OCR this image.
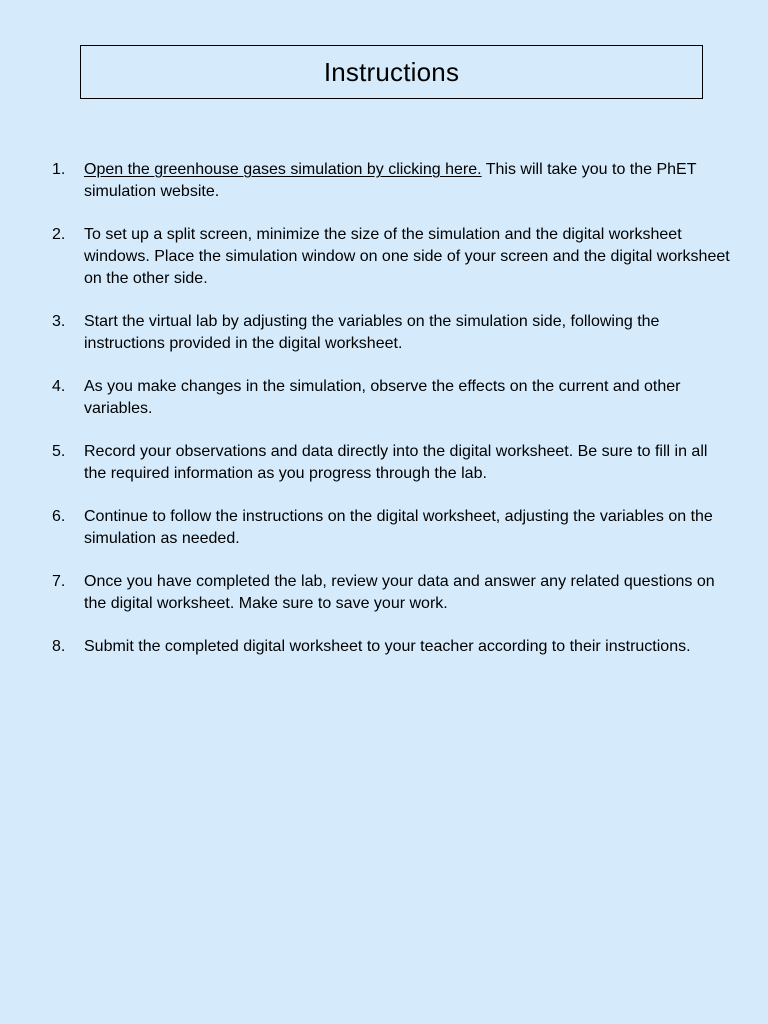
Instructions
1. Open the greenhouse gases simulation by clicking here. This will take you to the PhET simulation website.
2. To set up a split screen, minimize the size of the simulation and the digital worksheet windows. Place the simulation window on one side of your screen and the digital worksheet on the other side.
3. Start the virtual lab by adjusting the variables on the simulation side, following the instructions provided in the digital worksheet.
4. As you make changes in the simulation, observe the effects on the current and other variables.
5. Record your observations and data directly into the digital worksheet. Be sure to fill in all the required information as you progress through the lab.
6. Continue to follow the instructions on the digital worksheet, adjusting the variables on the simulation as needed.
7. Once you have completed the lab, review your data and answer any related questions on the digital worksheet. Make sure to save your work.
8. Submit the completed digital worksheet to your teacher according to their instructions.
